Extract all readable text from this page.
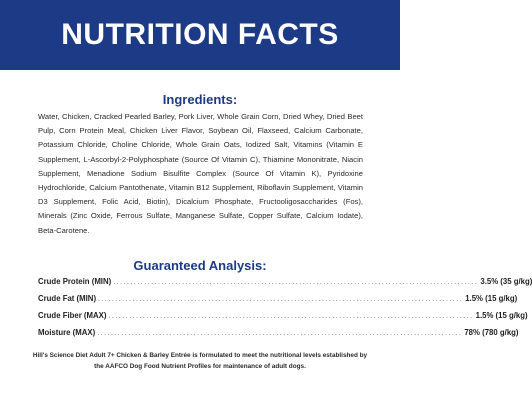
NUTRITION FACTS
Ingredients:
Water, Chicken, Cracked Pearled Barley, Pork Liver, Whole Grain Corn, Dried Whey, Dried Beet Pulp, Corn Protein Meal, Chicken Liver Flavor, Soybean Oil, Flaxseed, Calcium Carbonate, Potassium Chloride, Choline Chloride, Whole Grain Oats, Iodized Salt, Vitamins (Vitamin E Supplement, L-Ascorbyl-2-Polyphosphate (Source Of Vitamin C), Thiamine Mononitrate, Niacin Supplement, Menadione Sodium Bisulfite Complex (Source Of Vitamin K), Pyridoxine Hydrochloride, Calcium Pantothenate, Vitamin B12 Supplement, Riboflavin Supplement, Vitamin D3 Supplement, Folic Acid, Biotin), Dicalcium Phosphate, Fructooligosaccharides (Fos), Minerals (Zinc Oxide, Ferrous Sulfate, Manganese Sulfate, Copper Sulfate, Calcium Iodate), Beta-Carotene.
Guaranteed Analysis:
Crude Protein (MIN) .......................................................................................................... 3.5% (35 g/kg)
Crude Fat (MIN) .......................................................................................................... 1.5% (15 g/kg)
Crude Fiber (MAX) .......................................................................................................... 1.5% (15 g/kg)
Moisture (MAX) .......................................................................................................... 78% (780 g/kg)
Hill's Science Diet Adult 7+ Chicken & Barley Entrée is formulated to meet the nutritional levels established by the AAFCO Dog Food Nutrient Profiles for maintenance of adult dogs.
